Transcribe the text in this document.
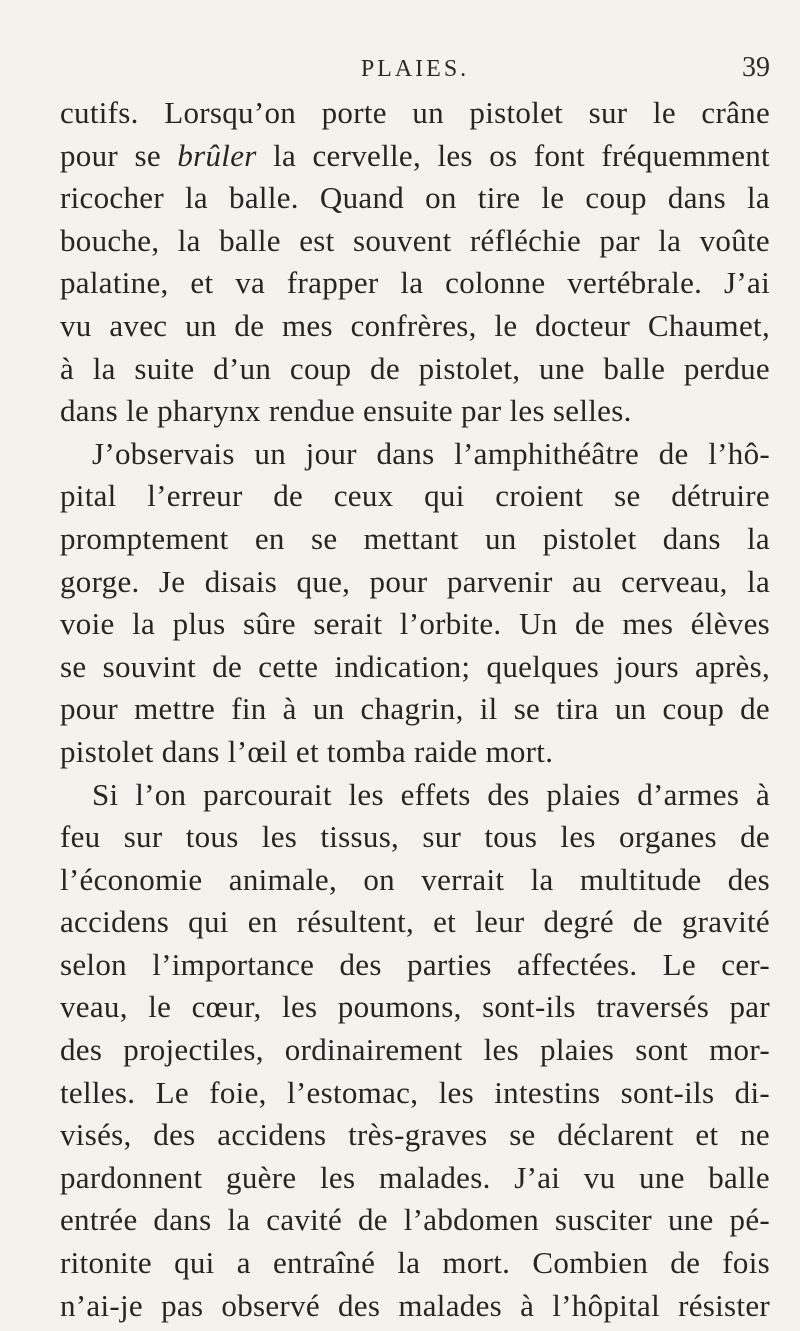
PLAIES.	39
cutifs. Lorsqu’on porte un pistolet sur le crâne
pour se brûler la cervelle, les os font fréquemment
ricocher la balle. Quand on tire le coup dans la
bouche, la balle est souvent réfléchie par la voûte
palatine, et va frapper la colonne vertébrale. J’ai
vu avec un de mes confrères, le docteur Chaumet,
à la suite d’un coup de pistolet, une balle perdue
dans le pharynx rendue ensuite par les selles.
J’observais un jour dans l’amphithéâtre de l’hô-
pital l’erreur de ceux qui croient se détruire
promptement en se mettant un pistolet dans la
gorge. Je disais que, pour parvenir au cerveau, la
voie la plus sûre serait l’orbite. Un de mes élèves
se souvint de cette indication; quelques jours après,
pour mettre fin à un chagrin, il se tira un coup de
pistolet dans l’œil et tomba raide mort.
Si l’on parcourait les effets des plaies d’armes à
feu sur tous les tissus, sur tous les organes de
l’économie animale, on verrait la multitude des
accidens qui en résultent, et leur degré de gravité
selon l’importance des parties affectées. Le cer-
veau, le cœur, les poumons, sont-ils traversés par
des projectiles, ordinairement les plaies sont mor-
telles. Le foie, l’estomac, les intestins sont-ils di-
visés, des accidens très-graves se déclarent et ne
pardonnent guère les malades. J’ai vu une balle
entrée dans la cavité de l’abdomen susciter une pé-
ritonite qui a entraîné la mort. Combien de fois
n’ai-je pas observé des malades à l’hôpital résister
